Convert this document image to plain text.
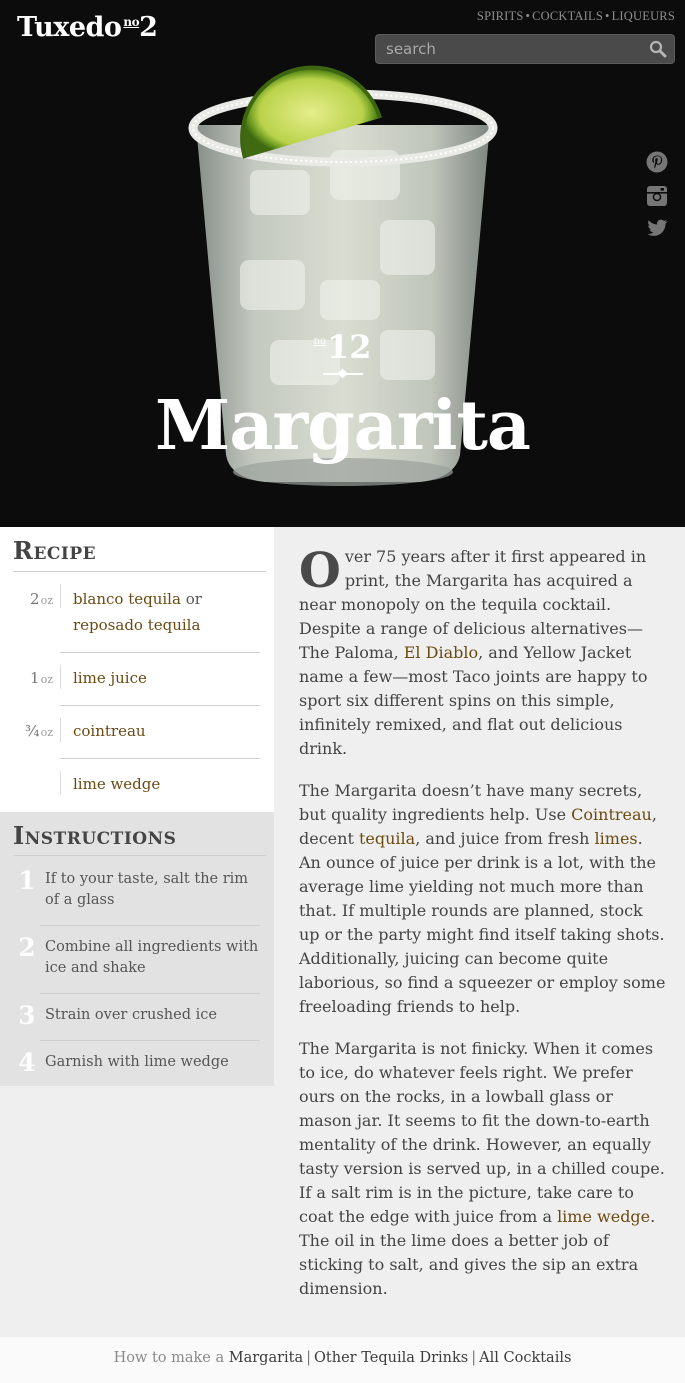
Tuxedo $^{no}$2	SPIRITS • COCKTAILS • LIQUEURS
search
$^{no}$12
Margarita
Recipe
2oz blanco tequila or reposado tequila
1oz lime juice
¾oz cointreau
lime wedge
Instructions
1 If to your taste, salt the rim of a glass
2 Combine all ingredients with ice and shake
3 Strain over crushed ice
4 Garnish with lime wedge

Over 75 years after it first appeared in print, the Margarita has acquired a near monopoly on the tequila cocktail. Despite a range of delicious alternatives—The Paloma, El Diablo, and Yellow Jacket name a few—most Taco joints are happy to sport six different spins on this simple, infinitely remixed, and flat out delicious drink.

The Margarita doesn’t have many secrets, but quality ingredients help. Use Cointreau, decent tequila, and juice from fresh limes. An ounce of juice per drink is a lot, with the average lime yielding not much more than that. If multiple rounds are planned, stock up or the party might find itself taking shots. Additionally, juicing can become quite laborious, so find a squeezer or employ some freeloading friends to help.

The Margarita is not finicky. When it comes to ice, do whatever feels right. We prefer ours on the rocks, in a lowball glass or mason jar. It seems to fit the down-to-earth mentality of the drink. However, an equally tasty version is served up, in a chilled coupe. If a salt rim is in the picture, take care to coat the edge with juice from a lime wedge. The oil in the lime does a better job of sticking to salt, and gives the sip an extra dimension.

How to make a Margarita | Other Tequila Drinks | All Cocktails
